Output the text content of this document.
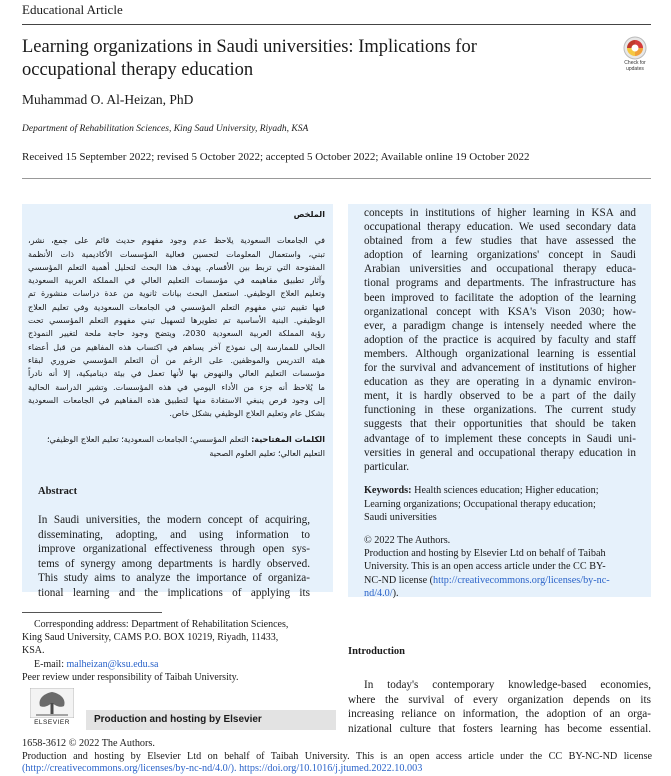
Educational Article
Learning organizations in Saudi universities: Implications for
occupational therapy education	Check for
updates
Muhammad O. Al-Heizan, PhD
Department of Rehabilitation Sciences, King Saud University, Riyadh, KSA
Received 15 September 2022; revised 5 October 2022; accepted 5 October 2022; Available online 19 October 2022
الملخص
في الجامعات السعودية يلاحظ عدم وجود مفهوم حديث قائم على جمع، نشر،
تبني، واستعمال المعلومات لتحسين فعالية المؤسسات الأكاديمية ذات الأنظمة
المفتوحة التي تربط بين الأقسام. يهدف هذا البحث لتحليل أهمية التعلم المؤسسي
وآثار تطبيق مفاهيمه في مؤسسات التعليم العالي في المملكة العربية السعودية
وتعليم العلاج الوظيفي. استعمل البحث بيانات ثانوية من عدة دراسات منشورة تم
فيها تقييم تبني مفهوم التعلم المؤسسي في الجامعات السعودية وفي تعليم العلاج
الوظيفي. البنية الأساسية تم تطويرها لتسهيل تبني مفهوم التعلم المؤسسي تحت
رؤية المملكة العربية السعودية 2030، ويتضح وجود حاجة ملحة لتغيير النموذج
الحالي للممارسة إلى نموذج آخر يساهم في اكتساب هذه المفاهيم من قبل أعضاء
هيئة التدريس والموظفين. على الرغم من أن التعلم المؤسسي ضروري لبقاء
مؤسسات التعليم العالي والنهوض بها لأنها تعمل في بيئة ديناميكية، إلا أنه نادراً
ما يُلاحظ أنه جزء من الأداء اليومي في هذه المؤسسات. وتشير الدراسة الحالية
إلى وجود فرص ينبغي الاستفادة منها لتطبيق هذه المفاهيم في الجامعات السعودية
بشكل عام وتعليم العلاج الوظيفي بشكل خاص.
الكلمات المفتاحية: التعلم المؤسسي؛ الجامعات السعودية؛ تعليم العلاج الوظيفي؛
التعليم العالي؛ تعليم العلوم الصحية
Abstract
In Saudi universities, the modern concept of acquiring,
disseminating, adopting, and using information to
improve organizational effectiveness through open sys-
tems of synergy among departments is hardly observed.
This study aims to analyze the importance of organiza-
tional learning and the implications of applying its
concepts in institutions of higher learning in KSA and
occupational therapy education. We used secondary data
obtained from a few studies that have assessed the
adoption of learning organizations' concept in Saudi
Arabian universities and occupational therapy educa-
tional programs and departments. The infrastructure has
been improved to facilitate the adoption of the learning
organizational concept with KSA's Vison 2030; how-
ever, a paradigm change is intensely needed where the
adoption of the practice is acquired by faculty and staff
members. Although organizational learning is essential
for the survival and advancement of institutions of higher
education as they are operating in a dynamic environ-
ment, it is hardly observed to be a part of the daily
functioning in these organizations. The current study
suggests that their opportunities that should be taken
advantage of to implement these concepts in Saudi uni-
versities in general and occupational therapy education in
particular.
Keywords: Health sciences education; Higher education;
Learning organizations; Occupational therapy education;
Saudi universities
© 2022 The Authors.
Production and hosting by Elsevier Ltd on behalf of Taibah
University. This is an open access article under the CC BY-
NC-ND license (http://creativecommons.org/licenses/by-nc-
nd/4.0/).
Corresponding address: Department of Rehabilitation Sciences,
King Saud University, CAMS P.O. BOX 10219, Riyadh, 11433,
KSA.
E-mail: malheizan@ksu.edu.sa
Peer review under responsibility of Taibah University.
ELSEVIER	Production and hosting by Elsevier
Introduction
In today's contemporary knowledge-based economies,
where the survival of every organization depends on its
increasing reliance on information, the adoption of an orga-
nizational culture that fosters learning has become essential.
1658-3612 © 2022 The Authors.
Production and hosting by Elsevier Ltd on behalf of Taibah University. This is an open access article under the CC BY-NC-ND license
(http://creativecommons.org/licenses/by-nc-nd/4.0/). https://doi.org/10.1016/j.jtumed.2022.10.003
